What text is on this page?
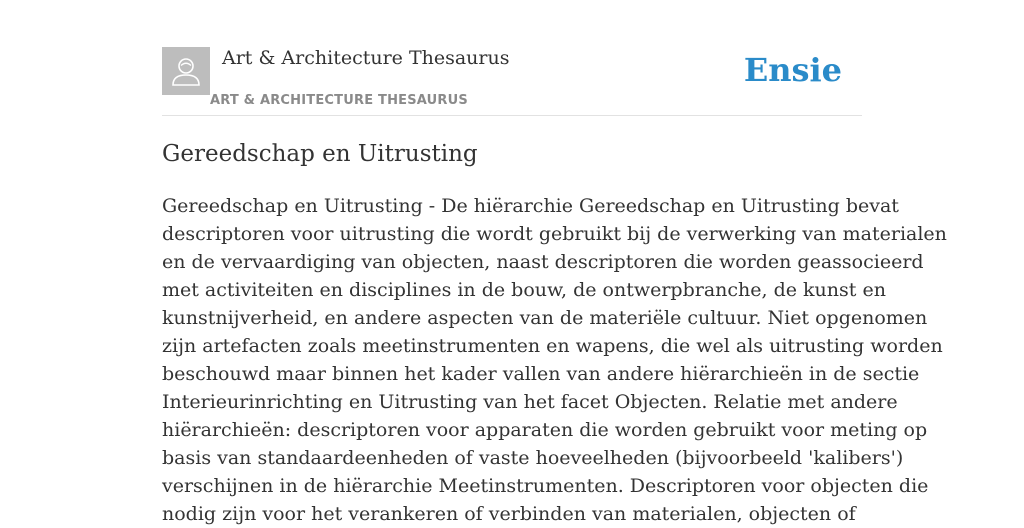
Art & Architecture Thesaurus
ART & ARCHITECTURE THESAURUS
Ensie
Gereedschap en Uitrusting
Gereedschap en Uitrusting - De hiërarchie Gereedschap en Uitrusting bevat
descriptoren voor uitrusting die wordt gebruikt bij de verwerking van materialen
en de vervaardiging van objecten, naast descriptoren die worden geassocieerd
met activiteiten en disciplines in de bouw, de ontwerpbranche, de kunst en
kunstnijverheid, en andere aspecten van de materiële cultuur. Niet opgenomen
zijn artefacten zoals meetinstrumenten en wapens, die wel als uitrusting worden
beschouwd maar binnen het kader vallen van andere hiërarchieën in de sectie
Interieurinrichting en Uitrusting van het facet Objecten. Relatie met andere
hiërarchieën: descriptoren voor apparaten die worden gebruikt voor meting op
basis van standaardeenheden of vaste hoeveelheden (bijvoorbeeld 'kalibers')
verschijnen in de hiërarchie Meetinstrumenten. Descriptoren voor objecten die
nodig zijn voor het verankeren of verbinden van materialen, objecten of
